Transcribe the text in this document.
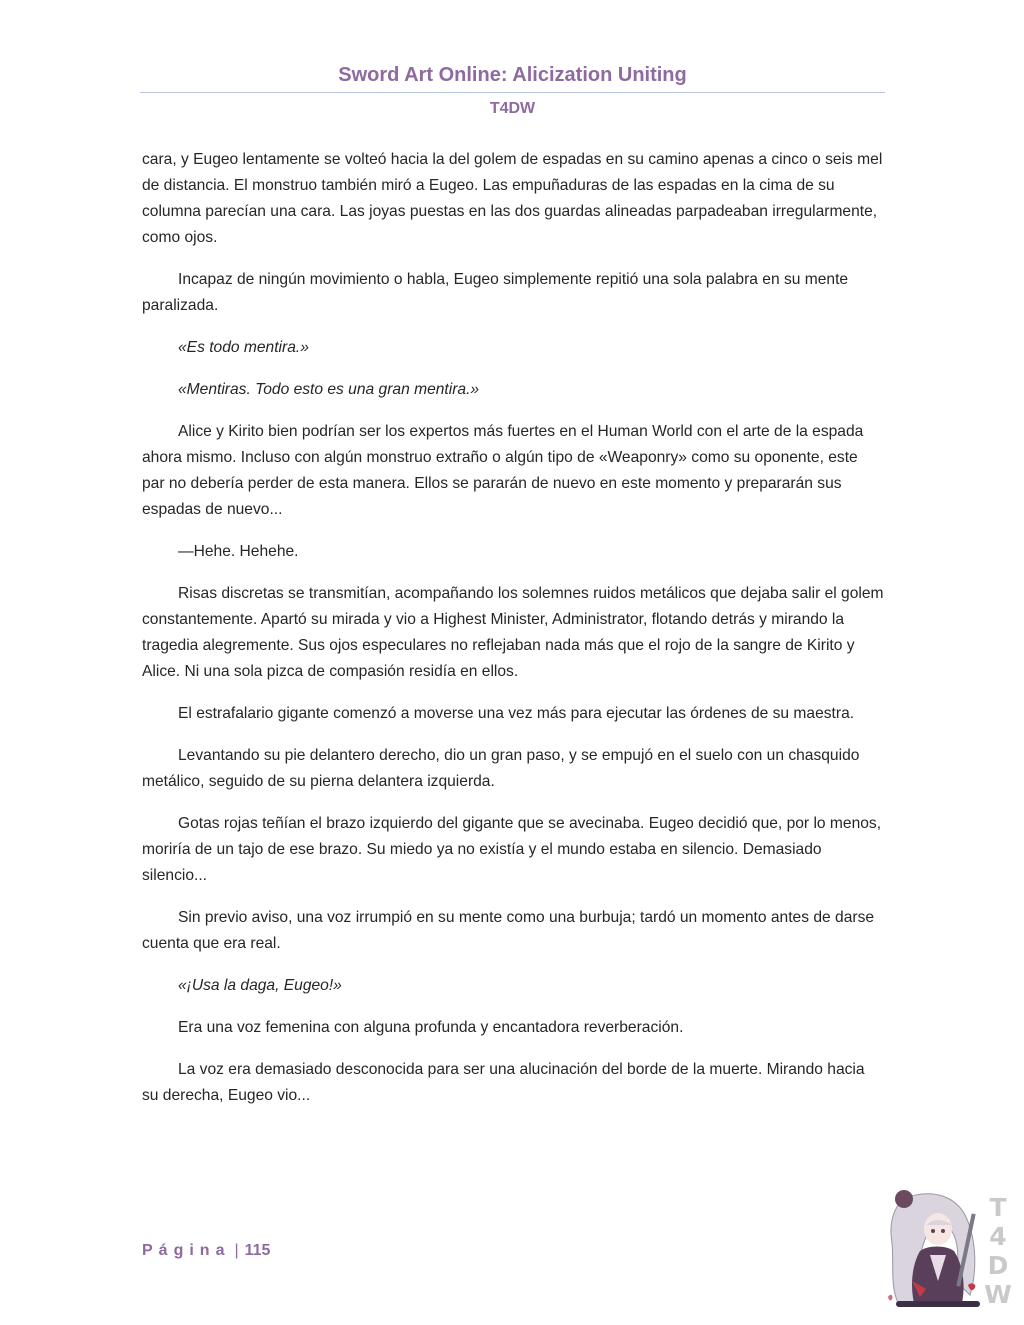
Sword Art Online: Alicization Uniting
T4DW

cara, y Eugeo lentamente se volteó hacia la del golem de espadas en su camino apenas a cinco o seis mel de distancia. El monstruo también miró a Eugeo. Las empuñaduras de las espadas en la cima de su columna parecían una cara. Las joyas puestas en las dos guardas alineadas parpadeaban irregularmente, como ojos.

Incapaz de ningún movimiento o habla, Eugeo simplemente repitió una sola palabra en su mente paralizada.

«Es todo mentira.»

«Mentiras. Todo esto es una gran mentira.»

Alice y Kirito bien podrían ser los expertos más fuertes en el Human World con el arte de la espada ahora mismo. Incluso con algún monstruo extraño o algún tipo de «Weaponry» como su oponente, este par no debería perder de esta manera. Ellos se pararán de nuevo en este momento y prepararán sus espadas de nuevo...

—Hehe. Hehehe.

Risas discretas se transmitían, acompañando los solemnes ruidos metálicos que dejaba salir el golem constantemente. Apartó su mirada y vio a Highest Minister, Administrator, flotando detrás y mirando la tragedia alegremente. Sus ojos especulares no reflejaban nada más que el rojo de la sangre de Kirito y Alice. Ni una sola pizca de compasión residía en ellos.

El estrafalario gigante comenzó a moverse una vez más para ejecutar las órdenes de su maestra.

Levantando su pie delantero derecho, dio un gran paso, y se empujó en el suelo con un chasquido metálico, seguido de su pierna delantera izquierda.

Gotas rojas teñían el brazo izquierdo del gigante que se avecinaba. Eugeo decidió que, por lo menos, moriría de un tajo de ese brazo. Su miedo ya no existía y el mundo estaba en silencio. Demasiado silencio...

Sin previo aviso, una voz irrumpió en su mente como una burbuja; tardó un momento antes de darse cuenta que era real.

«¡Usa la daga, Eugeo!»

Era una voz femenina con alguna profunda y encantadora reverberación.

La voz era demasiado desconocida para ser una alucinación del borde de la muerte. Mirando hacia su derecha, Eugeo vio...

Página | 115
T
4
D
W
